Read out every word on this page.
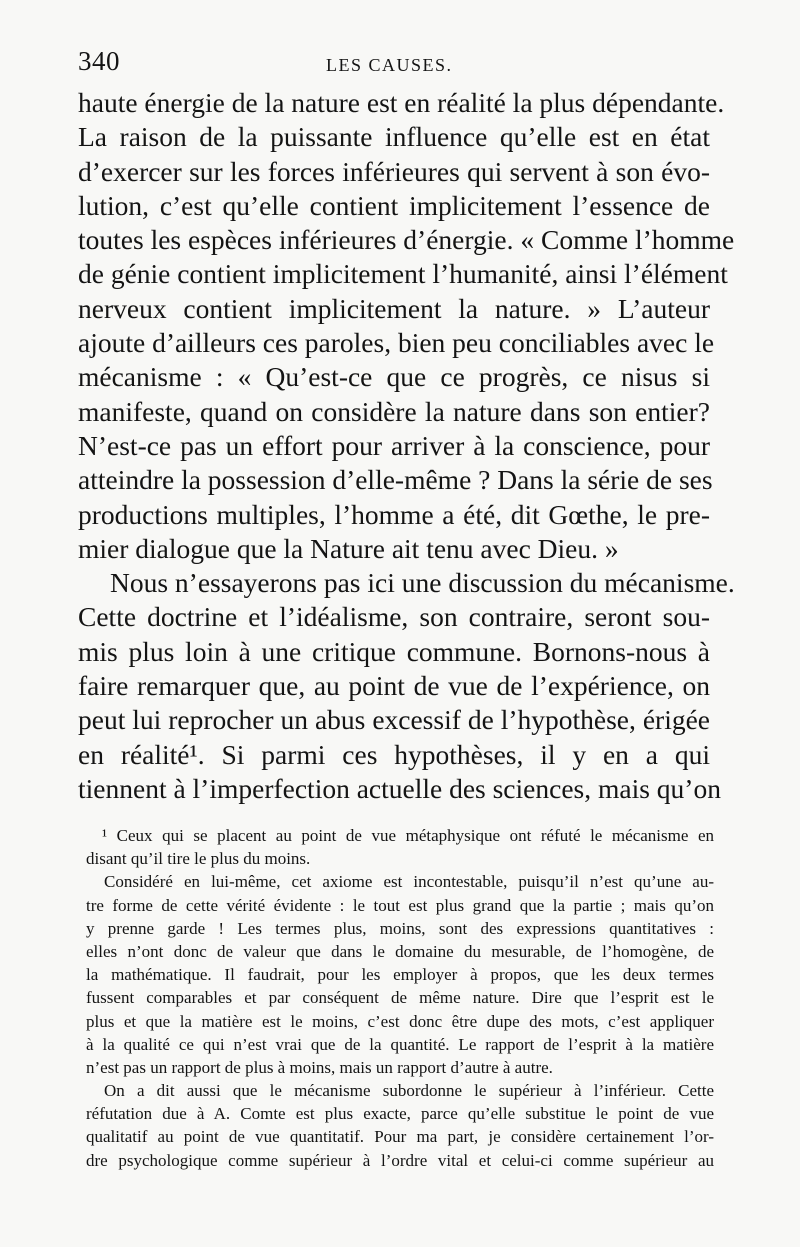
340	LES CAUSES.
haute énergie de la nature est en réalité la plus dépendante.
La raison de la puissante influence qu’elle est en état
d’exercer sur les forces inférieures qui servent à son évo-
lution, c’est qu’elle contient implicitement l’essence de
toutes les espèces inférieures d’énergie. « Comme l’homme
de génie contient implicitement l’humanité, ainsi l’élément
nerveux contient implicitement la nature. » L’auteur
ajoute d’ailleurs ces paroles, bien peu conciliables avec le
mécanisme : « Qu’est-ce que ce progrès, ce nisus si
manifeste, quand on considère la nature dans son entier?
N’est-ce pas un effort pour arriver à la conscience, pour
atteindre la possession d’elle-même ? Dans la série de ses
productions multiples, l’homme a été, dit Gœthe, le pre-
mier dialogue que la Nature ait tenu avec Dieu. »
Nous n’essayerons pas ici une discussion du mécanisme.
Cette doctrine et l’idéalisme, son contraire, seront sou-
mis plus loin à une critique commune. Bornons-nous à
faire remarquer que, au point de vue de l’expérience, on
peut lui reprocher un abus excessif de l’hypothèse, érigée
en réalité¹. Si parmi ces hypothèses, il y en a qui
tiennent à l’imperfection actuelle des sciences, mais qu’on
¹ Ceux qui se placent au point de vue métaphysique ont réfuté le mécanisme en
disant qu’il tire le plus du moins.
Considéré en lui-même, cet axiome est incontestable, puisqu’il n’est qu’une au-
tre forme de cette vérité évidente : le tout est plus grand que la partie ; mais qu’on
y prenne garde ! Les termes plus, moins, sont des expressions quantitatives :
elles n’ont donc de valeur que dans le domaine du mesurable, de l’homogène, de
la mathématique. Il faudrait, pour les employer à propos, que les deux termes
fussent comparables et par conséquent de même nature. Dire que l’esprit est le
plus et que la matière est le moins, c’est donc être dupe des mots, c’est appliquer
à la qualité ce qui n’est vrai que de la quantité. Le rapport de l’esprit à la matière
n’est pas un rapport de plus à moins, mais un rapport d’autre à autre.
On a dit aussi que le mécanisme subordonne le supérieur à l’inférieur. Cette
réfutation due à A. Comte est plus exacte, parce qu’elle substitue le point de vue
qualitatif au point de vue quantitatif. Pour ma part, je considère certainement l’or-
dre psychologique comme supérieur à l’ordre vital et celui-ci comme supérieur au
